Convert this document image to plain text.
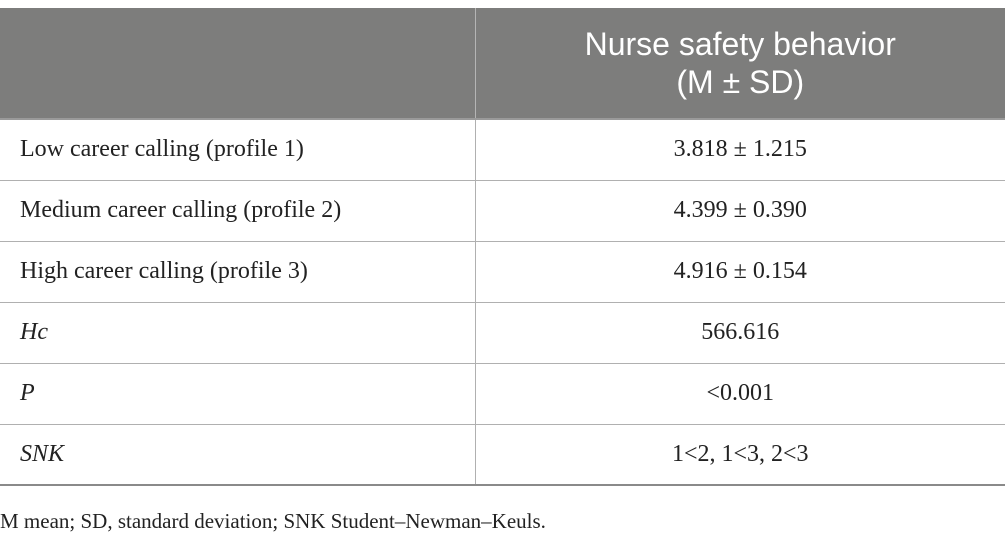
	Nurse safety behavior
(M ± SD)

Low career calling (profile 1)	3.818 ± 1.215
Medium career calling (profile 2)	4.399 ± 0.390
High career calling (profile 3)	4.916 ± 0.154
Hc	566.616
P	<0.001
SNK	1<2, 1<3, 2<3
M mean; SD, standard deviation; SNK Student–Newman–Keuls.
